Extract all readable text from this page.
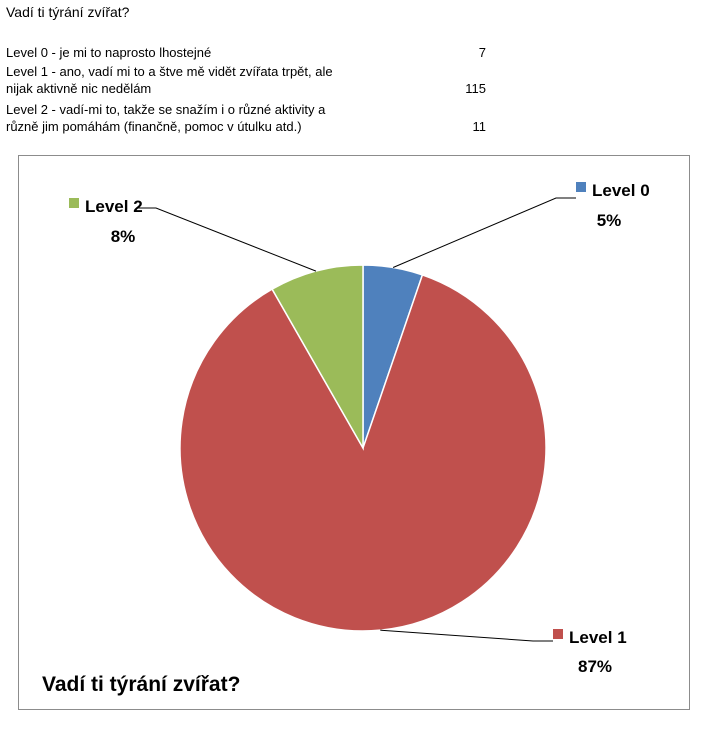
Vadí ti týrání zvířat?
Level 0 - je mi to naprosto lhostejné	7
Level 1 - ano, vadí mi to a štve mě vidět zvířata trpět, ale
nijak aktivně nic nedělám	115
Level 2 - vadí-mi to, takže se snažím i o různé aktivity a
různě jim pomáhám (finančně, pomoc v útulku atd.)	11
Level 0
5%
Level 1
87%
Level 2
8%
Vadí ti týrání zvířat?
